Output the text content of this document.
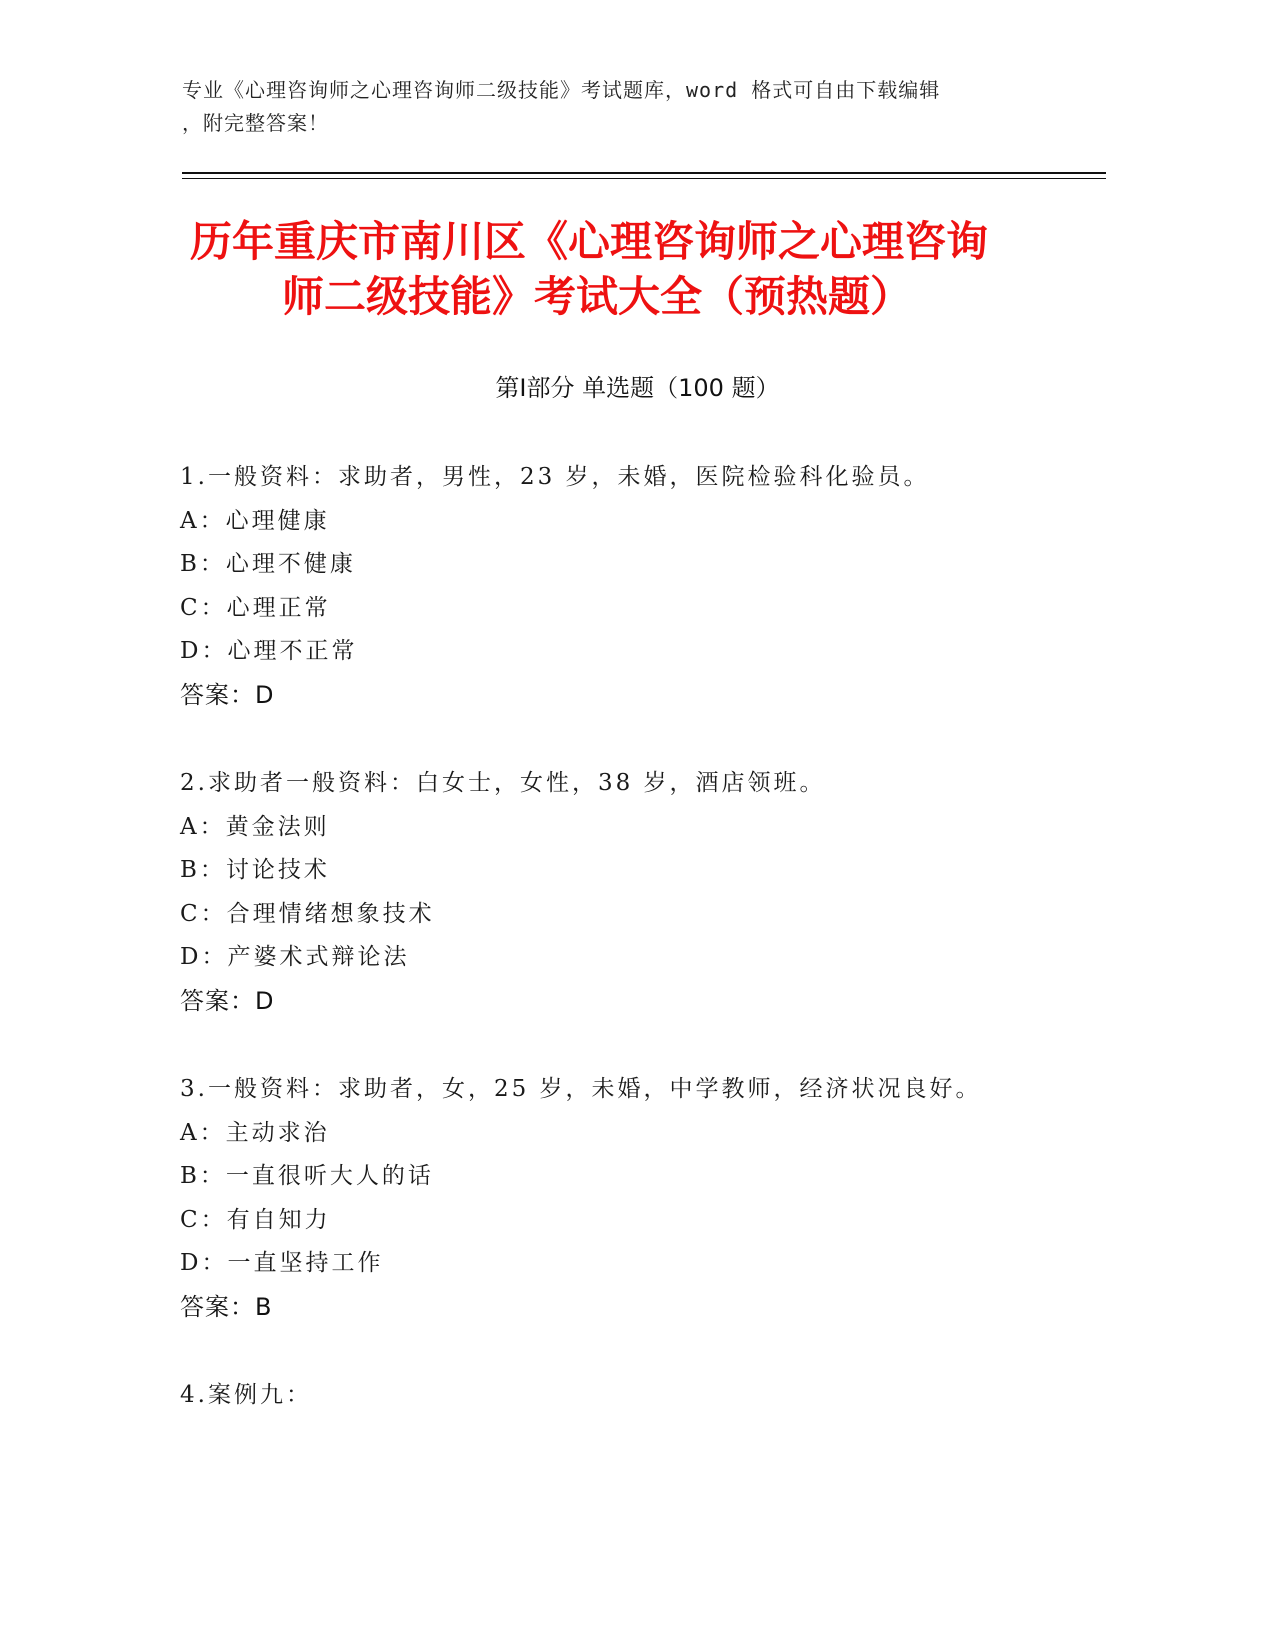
专业《心理咨询师之心理咨询师二级技能》考试题库，word 格式可自由下载编辑
，附完整答案！
历年重庆市南川区《心理咨询师之心理咨询
师二级技能》考试大全（预热题）
第Ⅰ部分 单选题（100 题）
1.一般资料：求助者，男性，23 岁，未婚，医院检验科化验员。
A：心理健康
B：心理不健康
C：心理正常
D：心理不正常
答案：D
2.求助者一般资料：白女士，女性，38 岁，酒店领班。
A：黄金法则
B：讨论技术
C：合理情绪想象技术
D：产婆术式辩论法
答案：D
3.一般资料：求助者，女，25 岁，未婚，中学教师，经济状况良好。
A：主动求治
B：一直很听大人的话
C：有自知力
D：一直坚持工作
答案：B
4.案例九：
